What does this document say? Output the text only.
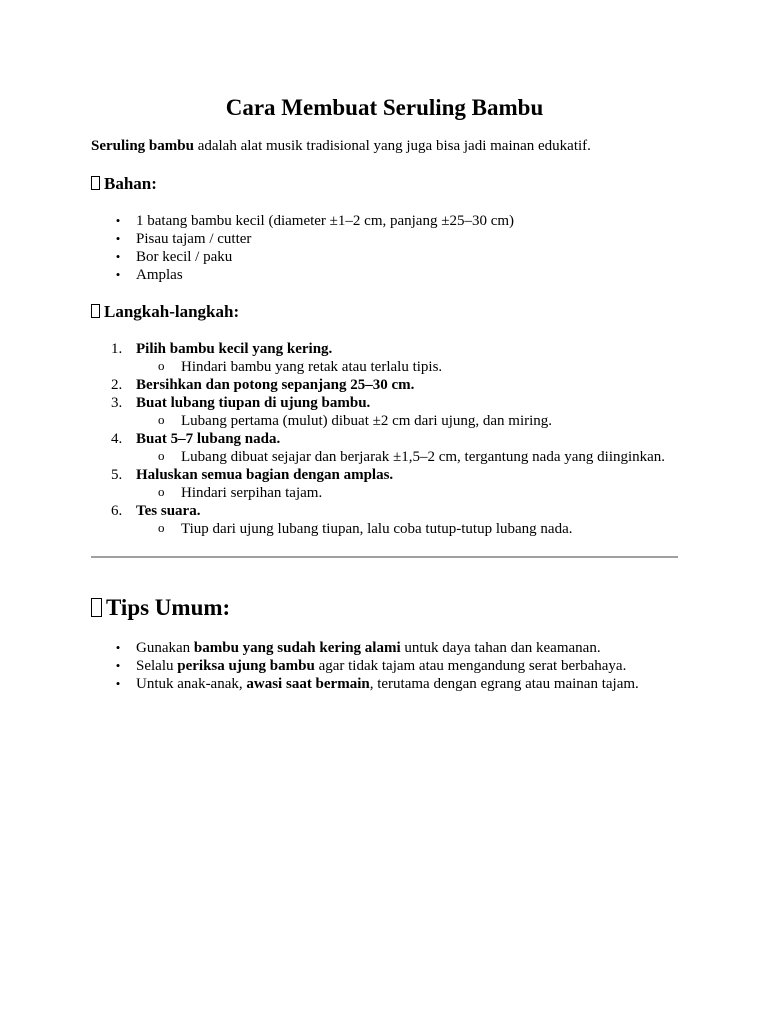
Cara Membuat Seruling Bambu
Seruling bambu adalah alat musik tradisional yang juga bisa jadi mainan edukatif.
Bahan:
• 1 batang bambu kecil (diameter ±1–2 cm, panjang ±25–30 cm)
• Pisau tajam / cutter
• Bor kecil / paku
• Amplas
Langkah-langkah:
1. Pilih bambu kecil yang kering.
o Hindari bambu yang retak atau terlalu tipis.
2. Bersihkan dan potong sepanjang 25–30 cm.
3. Buat lubang tiupan di ujung bambu.
o Lubang pertama (mulut) dibuat ±2 cm dari ujung, dan miring.
4. Buat 5–7 lubang nada.
o Lubang dibuat sejajar dan berjarak ±1,5–2 cm, tergantung nada yang diinginkan.
5. Haluskan semua bagian dengan amplas.
o Hindari serpihan tajam.
6. Tes suara.
o Tiup dari ujung lubang tiupan, lalu coba tutup-tutup lubang nada.
Tips Umum:
• Gunakan bambu yang sudah kering alami untuk daya tahan dan keamanan.
• Selalu periksa ujung bambu agar tidak tajam atau mengandung serat berbahaya.
• Untuk anak-anak, awasi saat bermain, terutama dengan egrang atau mainan tajam.
